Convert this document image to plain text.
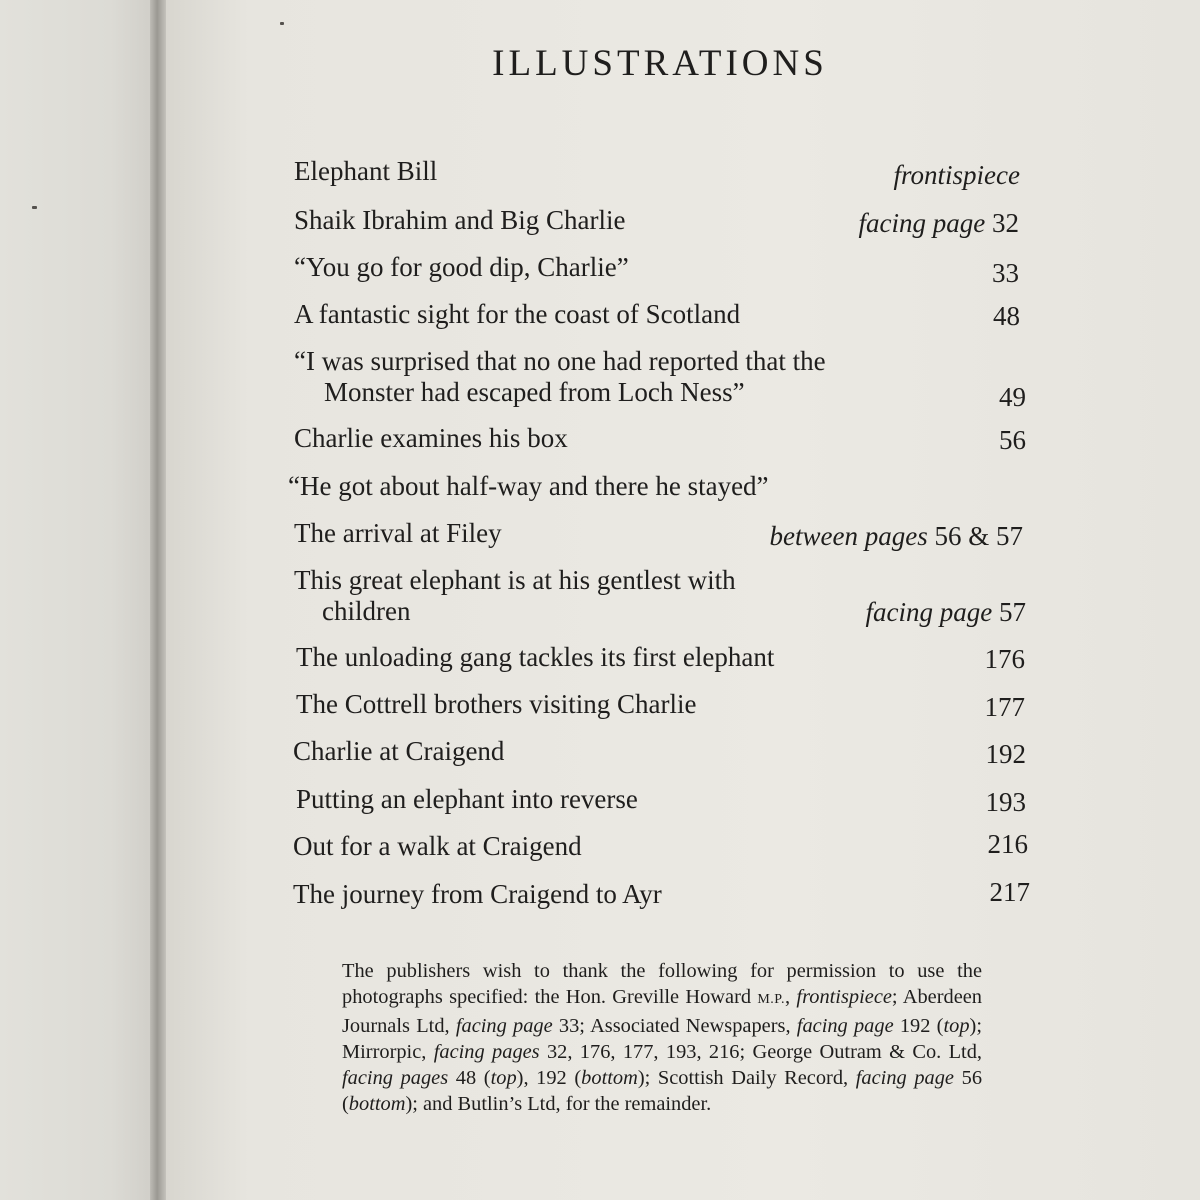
ILLUSTRATIONS
Elephant Bill	frontispiece
Shaik Ibrahim and Big Charlie	facing page 32
“You go for good dip, Charlie”	33
A fantastic sight for the coast of Scotland	48
“I was surprised that no one had reported that the
Monster had escaped from Loch Ness”	49
Charlie examines his box	56
“He got about half-way and there he stayed”
The arrival at Filey	between pages 56 & 57
This great elephant is at his gentlest with
children	facing page 57
The unloading gang tackles its first elephant	176
The Cottrell brothers visiting Charlie	177
Charlie at Craigend	192
Putting an elephant into reverse	193
Out for a walk at Craigend	216
The journey from Craigend to Ayr	217

The publishers wish to thank the following for permission to use the photographs specified: the Hon. Greville Howard M.P., frontispiece; Aberdeen Journals Ltd, facing page 33; Associated Newspapers, facing page 192 (top); Mirrorpic, facing pages 32, 176, 177, 193, 216; George Outram & Co. Ltd, facing pages 48 (top), 192 (bottom); Scottish Daily Record, facing page 56 (bottom); and Butlin’s Ltd, for the remainder.
